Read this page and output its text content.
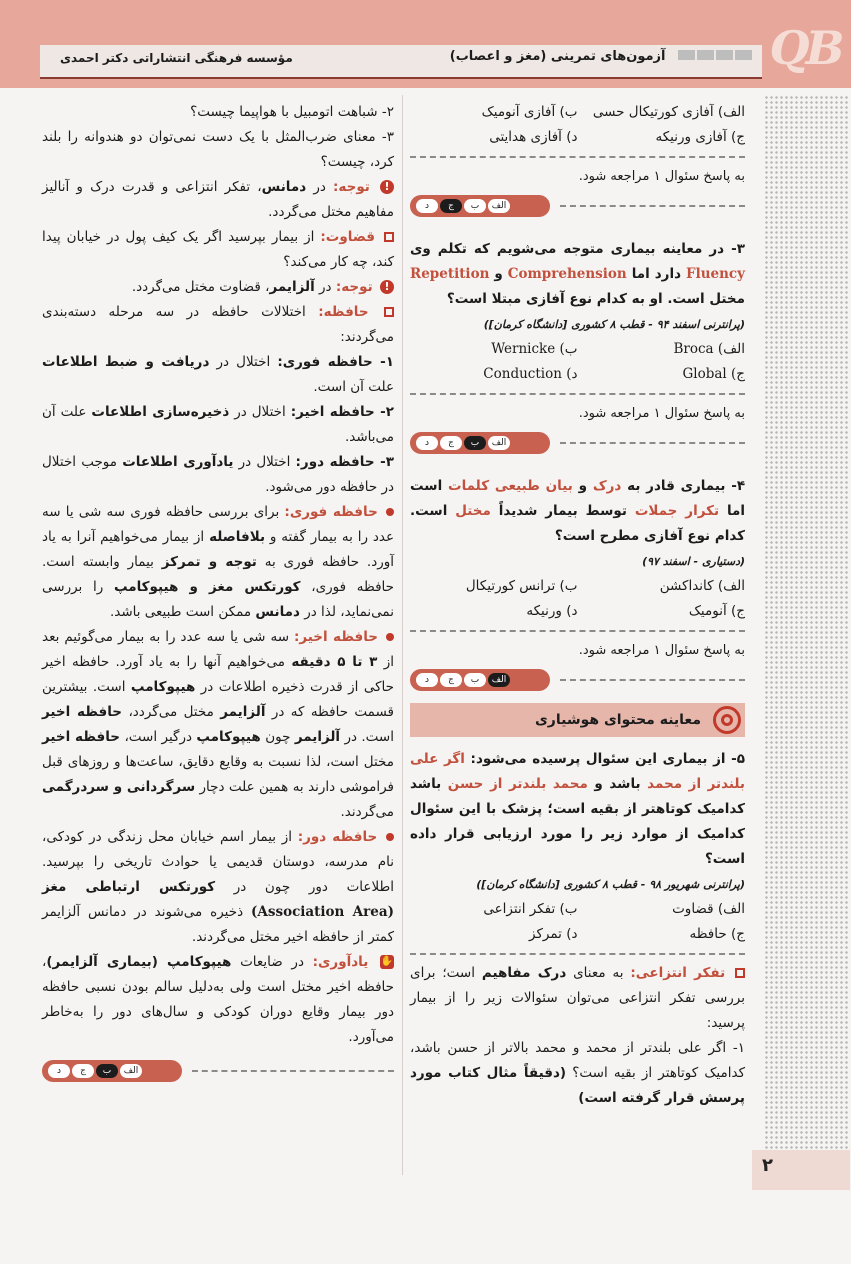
آزمون‌های تمرینی (مغز و اعصاب)
مؤسسه فرهنگی انتشاراتی دکتر احمدی	QB
۲
الف) آفازی کورتیکال حسی
ب) آفازی آنومیک
ج) آفازی ورنیکه
د) آفازی هدایتی

به پاسخ سئوال ۱ مراجعه شود.

الف
ب
ج
د

۳- در معاینه بیماری متوجه می‌شویم که تکلم وی Fluency دارد اما Comprehension و Repetition مختل است. او به کدام نوع آفازی مبتلا است؟

(پرانترنی اسفند ۹۴ - قطب ۸ کشوری [دانشگاه کرمان])

الف) Broca
ب) Wernicke
ج) Global
د) Conduction

به پاسخ سئوال ۱ مراجعه شود.

الف
ب
ج
د

۴- بیماری قادر به درک و بیان طبیعی کلمات است اما تکرار جملات توسط بیمار شدیداً مختل است. کدام نوع آفازی مطرح است؟

(دستیاری - اسفند ۹۷)

الف) کانداکشن
ب) ترانس کورتیکال
ج) آنومیک
د) ورنیکه

به پاسخ سئوال ۱ مراجعه شود.

الف
ب
ج
د
معاینه محتوای هوشیاری

۵- از بیماری این سئوال پرسیده می‌شود: اگر علی بلندتر از محمد باشد و محمد بلندتر از حسن باشد کدامیک کوتاهتر از بقیه است؛ پزشک با این سئوال کدامیک از موارد زیر را مورد ارزیابی قرار داده است؟

(پرانترنی شهریور ۹۸ - قطب ۸ کشوری [دانشگاه کرمان])

الف) قضاوت
ب) تفکر انتزاعی
ج) حافظه
د) تمرکز

تفکر انتزاعی: به معنای درک مفاهیم است؛ برای بررسی تفکر انتزاعی می‌توان سئوالات زیر را از بیمار پرسید:

۱- اگر علی بلندتر از محمد و محمد بالاتر از حسن باشد، کدامیک کوتاهتر از بقیه است؟ (دقیقاً مثال کتاب مورد پرسش قرار گرفته است)

۲- شباهت اتومبیل با هواپیما چیست؟

۳- معنای ضرب‌المثل با یک دست نمی‌توان دو هندوانه را بلند کرد، چیست؟

! توجه: در دمانس، تفکر انتزاعی و قدرت درک و آنالیز مفاهیم مختل می‌گردد.

قضاوت: از بیمار بپرسید اگر یک کیف پول در خیابان پیدا کند، چه کار می‌کند؟

! توجه: در آلزایمر، قضاوت مختل می‌گردد.

حافظه: اختلالات حافظه در سه مرحله دسته‌بندی می‌گردند:

۱- حافظه فوری: اختلال در دریافت و ضبط اطلاعات علت آن است.

۲- حافظه اخیر: اختلال در ذخیره‌سازی اطلاعات علت آن می‌باشد.

۳- حافظه دور: اختلال در یادآوری اطلاعات موجب اختلال در حافظه دور می‌شود.

حافظه فوری: برای بررسی حافظه فوری سه شی یا سه عدد را به بیمار گفته و بلافاصله از بیمار می‌خواهیم آنرا به یاد آورد. حافظه فوری به توجه و تمرکز بیمار وابسته است. حافظه فوری، کورتکس مغز و هیپوکامپ را بررسی نمی‌نماید، لذا در دمانس ممکن است طبیعی باشد.

حافظه اخیر: سه شی یا سه عدد را به بیمار می‌گوئیم بعد از ۳ تا ۵ دقیقه می‌خواهیم آنها را به یاد آورد. حافظه اخیر حاکی از قدرت ذخیره اطلاعات در هیپوکامپ است. بیشترین قسمت حافظه که در آلزایمر مختل می‌گردد، حافظه اخیر است. در آلزایمر چون هیپوکامپ درگیر است، حافظه اخیر مختل است، لذا نسبت به وقایع دقایق، ساعت‌ها و روزهای قبل فراموشی دارند به همین علت دچار سرگردانی و سردرگمی می‌گردند.

حافظه دور: از بیمار اسم خیابان محل زندگی در کودکی، نام مدرسه، دوستان قدیمی یا حوادث تاریخی را بپرسید. اطلاعات دور چون در کورتکس ارتباطی مغز (Association Area) ذخیره می‌شوند در دمانس آلزایمر کمتر از حافظه اخیر مختل می‌گردند.

✋ یادآوری: در ضایعات هیپوکامپ (بیماری آلزایمر)، حافظه اخیر مختل است ولی به‌دلیل سالم بودن نسبی حافظه دور بیمار وقایع دوران کودکی و سال‌های دور را به‌خاطر می‌آورد.

الف
ب
ج
د
